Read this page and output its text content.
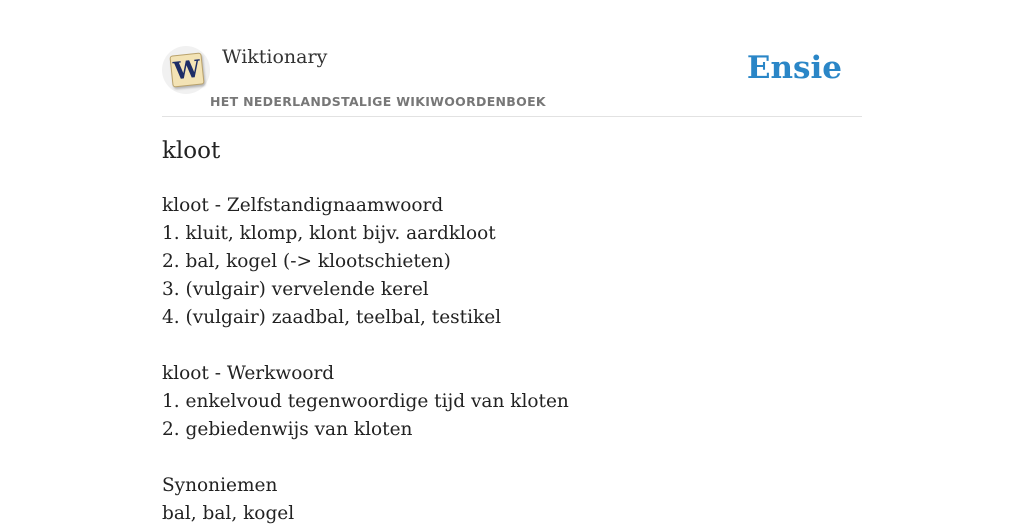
W Wiktionary
HET NEDERLANDSTALIGE WIKIWOORDENBOEK
Ensie
kloot
kloot - Zelfstandignaamwoord
1. kluit, klomp, klont bijv. aardkloot
2. bal, kogel (-> klootschieten)
3. (vulgair) vervelende kerel
4. (vulgair) zaadbal, teelbal, testikel
kloot - Werkwoord
1. enkelvoud tegenwoordige tijd van kloten
2. gebiedenwijs van kloten
Synoniemen
bal, bal, kogel
